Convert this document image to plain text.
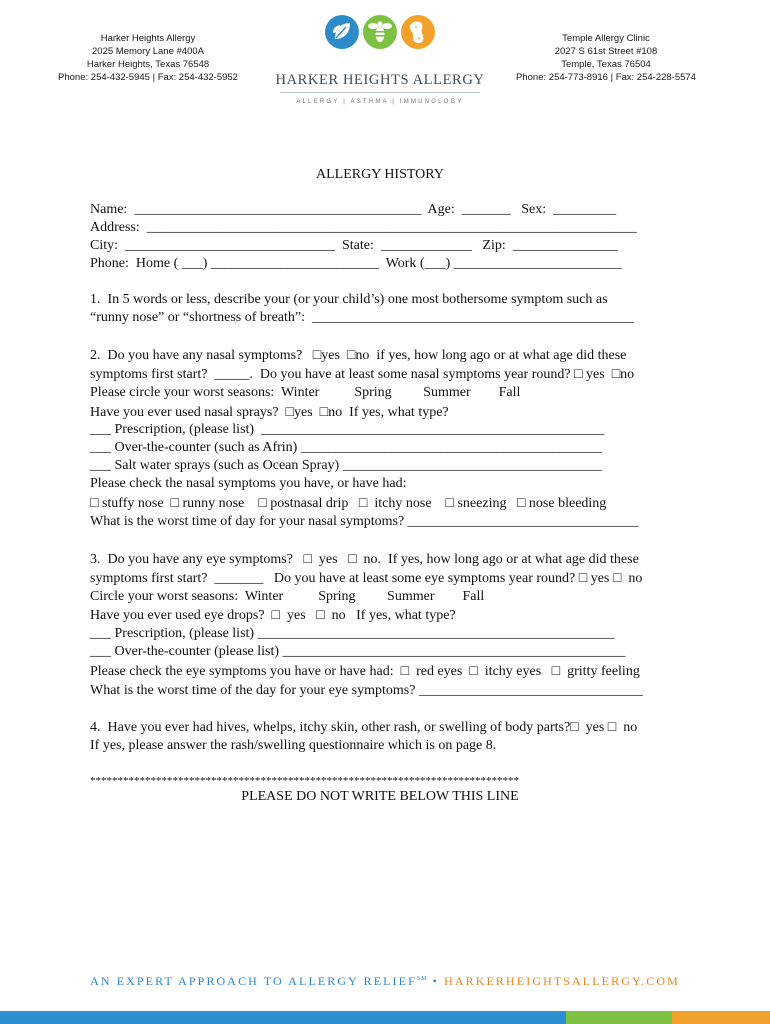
Harker Heights Allergy
2025 Memory Lane #400A
Harker Heights, Texas 76548
Phone: 254-432-5945 | Fax: 254-432-5952	HARKER HEIGHTS ALLERGY
ALLERGY | ASTHMA | IMMUNOLOGY
Temple Allergy Clinic
2027 S 61st Street #108
Temple, Texas 76504
Phone: 254-773-8916 | Fax: 254-228-5574
ALLERGY HISTORY
Name:  _________________________________________  Age:  _______   Sex:  _________
Address:  ______________________________________________________________________
City:  ______________________________  State:  _____________   Zip:  _______________
Phone:  Home ( ___) ________________________  Work (___) ________________________
1.  In 5 words or less, describe your (or your child’s) one most bothersome symptom such as
“runny nose” or “shortness of breath”:  ______________________________________________
2.  Do you have any nasal symptoms?   □yes  □no  if yes, how long ago or at what age did these
symptoms first start?  _____.  Do you have at least some nasal symptoms year round? □ yes  □no
Please circle your worst seasons:  Winter          Spring         Summer        Fall
Have you ever used nasal sprays?  □yes  □no  If yes, what type?
___ Prescription, (please list)  _________________________________________________
___ Over-the-counter (such as Afrin) ___________________________________________
___ Salt water sprays (such as Ocean Spray) _____________________________________
Please check the nasal symptoms you have, or have had:
□ stuffy nose  □ runny nose    □ postnasal drip   □  itchy nose    □ sneezing   □ nose bleeding
What is the worst time of day for your nasal symptoms? _________________________________
3.  Do you have any eye symptoms?   □  yes   □  no.  If yes, how long ago or at what age did these
symptoms first start?  _______   Do you have at least some eye symptoms year round? □ yes □  no
Circle your worst seasons:  Winter          Spring         Summer        Fall
Have you ever used eye drops?  □  yes   □  no   If yes, what type?
___ Prescription, (please list) ___________________________________________________
___ Over-the-counter (please list) _________________________________________________
Please check the eye symptoms you have or have had:  □  red eyes  □  itchy eyes   □  gritty feeling
What is the worst time of the day for your eye symptoms? ________________________________
4.  Have you ever had hives, whelps, itchy skin, other rash, or swelling of body parts?□  yes □  no
If yes, please answer the rash/swelling questionnaire which is on page 8.
******************************************************************************
PLEASE DO NOT WRITE BELOW THIS LINE
AN EXPERT APPROACH TO ALLERGY RELIEF℠ • HARKERHEIGHTSALLERGY.COM
